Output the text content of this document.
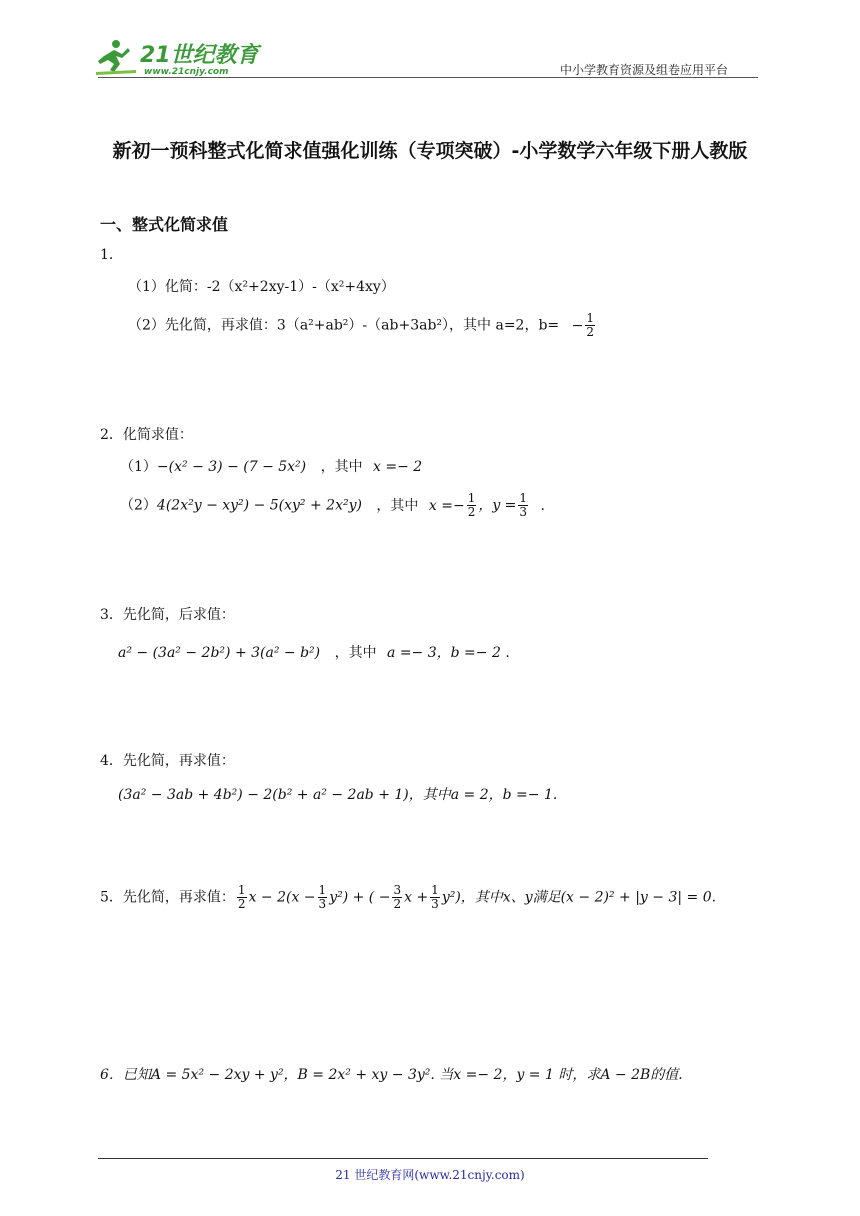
21世纪教育
www.21cnjy.com	中小学教育资源及组卷应用平台
新初一预科整式化简求值强化训练（专项突破）-小学数学六年级下册人教版
一、整式化简求值
1．
（1）化简：-2（x²+2xy-1）-（x²+4xy）
（2）先化简，再求值：3（a²+ab²）-（ab+3ab²），其中 a=2，$b= - \frac{1}{2}$
2．化简求值：
（1）−(x² − 3) − (7 − 5x²) ，其中 x =− 2
（2）4(2x²y − xy²) − 5(xy² + 2x²y) ，其中 $x =- \frac{1}{2}$ ，$y = \frac{1}{3}$ .
3．先化简，后求值：
a² − (3a² − 2b²) + 3(a² − b²) ，其中 a =− 3，b =− 2 .
4．先化简，再求值：
(3a² − 3ab + 4b²) − 2(b² + a² − 2ab + 1)，其中a = 2，b =− 1.
5．先化简，再求值： $\frac{1}{2}$ $x - 2(x - \frac{1}{3} y^2)$ + ( − $\frac{3}{2}$ $x + \frac{1}{3} y^2$)，其中x、y满足(x − 2)² + |y − 3| = 0.
6．已知A = 5x² − 2xy + y²，B = 2x² + xy − 3y². 当x =− 2，y = 1 时，求A − 2B的值.
21 世纪教育网(www.21cnjy.com)
